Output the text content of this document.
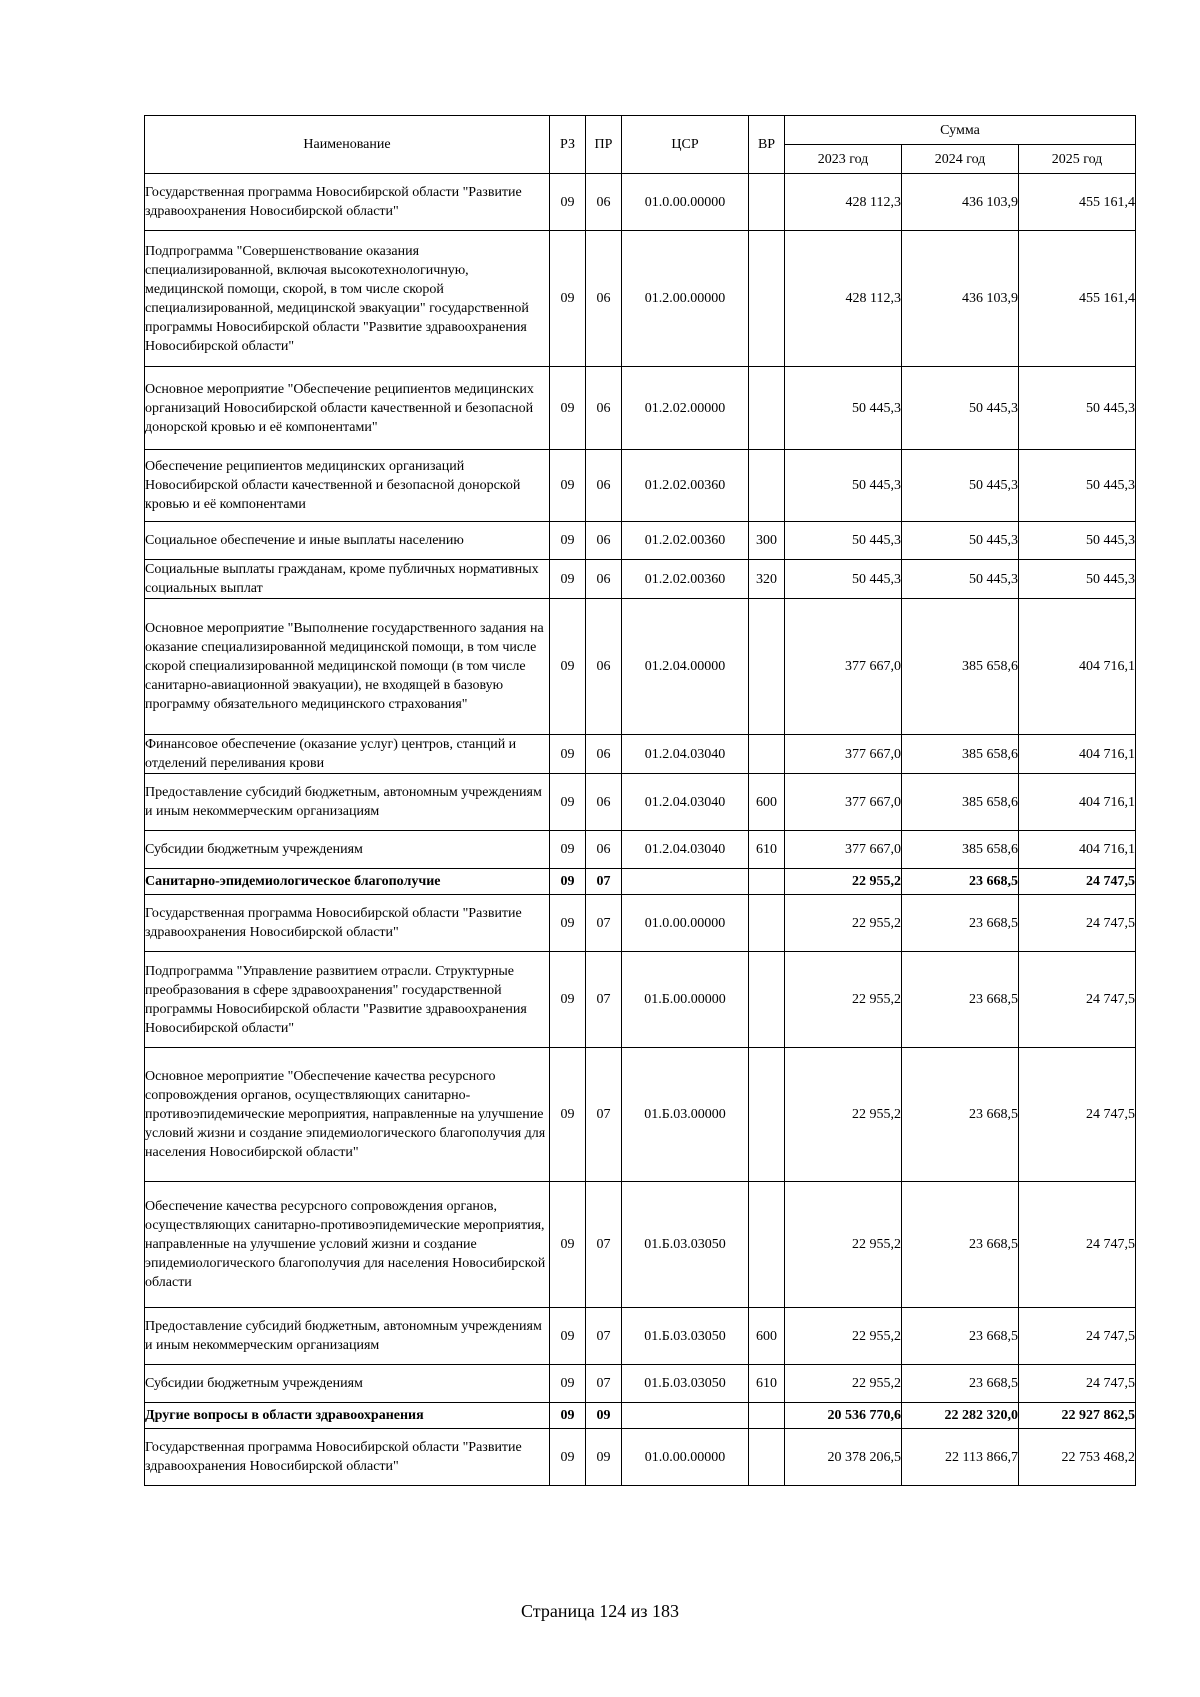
Наименование	РЗ	ПР	ЦСР	ВР	Сумма		
					2023 год	2024 год	2025 год
Государственная программа Новосибирской области "Развитие здравоохранения Новосибирской области"	09	06	01.0.00.00000		428 112,3	436 103,9	455 161,4
Подпрограмма "Совершенствование оказания специализированной, включая высокотехнологичную, медицинской помощи, скорой, в том числе скорой специализированной, медицинской эвакуации" государственной программы Новосибирской области "Развитие здравоохранения Новосибирской области"	09	06	01.2.00.00000		428 112,3	436 103,9	455 161,4
Основное мероприятие "Обеспечение реципиентов медицинских организаций Новосибирской области качественной и безопасной донорской кровью и её компонентами"	09	06	01.2.02.00000		50 445,3	50 445,3	50 445,3
Обеспечение реципиентов медицинских организаций Новосибирской области качественной и безопасной донорской кровью и её компонентами	09	06	01.2.02.00360		50 445,3	50 445,3	50 445,3
Социальное обеспечение и иные выплаты населению	09	06	01.2.02.00360	300	50 445,3	50 445,3	50 445,3
Социальные выплаты гражданам, кроме публичных нормативных социальных выплат	09	06	01.2.02.00360	320	50 445,3	50 445,3	50 445,3
Основное мероприятие "Выполнение государственного задания на оказание специализированной медицинской помощи, в том числе скорой специализированной медицинской помощи (в том числе санитарно-авиационной эвакуации), не входящей в базовую программу обязательного медицинского страхования"	09	06	01.2.04.00000		377 667,0	385 658,6	404 716,1
Финансовое обеспечение (оказание услуг) центров, станций и отделений переливания крови	09	06	01.2.04.03040		377 667,0	385 658,6	404 716,1
Предоставление субсидий бюджетным, автономным учреждениям и иным некоммерческим организациям	09	06	01.2.04.03040	600	377 667,0	385 658,6	404 716,1
Субсидии бюджетным учреждениям	09	06	01.2.04.03040	610	377 667,0	385 658,6	404 716,1
Санитарно-эпидемиологическое благополучие	09	07			22 955,2	23 668,5	24 747,5
Государственная программа Новосибирской области "Развитие здравоохранения Новосибирской области"	09	07	01.0.00.00000		22 955,2	23 668,5	24 747,5
Подпрограмма "Управление развитием отрасли. Структурные преобразования в сфере здравоохранения" государственной программы Новосибирской области "Развитие здравоохранения Новосибирской области"	09	07	01.Б.00.00000		22 955,2	23 668,5	24 747,5
Основное мероприятие "Обеспечение качества ресурсного сопровождения органов, осуществляющих санитарно-противоэпидемические мероприятия, направленные на улучшение условий жизни и создание эпидемиологического благополучия для населения Новосибирской области"	09	07	01.Б.03.00000		22 955,2	23 668,5	24 747,5
Обеспечение качества ресурсного сопровождения органов, осуществляющих санитарно-противоэпидемические мероприятия, направленные на улучшение условий жизни и создание эпидемиологического благополучия для населения Новосибирской области	09	07	01.Б.03.03050		22 955,2	23 668,5	24 747,5
Предоставление субсидий бюджетным, автономным учреждениям и иным некоммерческим организациям	09	07	01.Б.03.03050	600	22 955,2	23 668,5	24 747,5
Субсидии бюджетным учреждениям	09	07	01.Б.03.03050	610	22 955,2	23 668,5	24 747,5
Другие вопросы в области здравоохранения	09	09			20 536 770,6	22 282 320,0	22 927 862,5
Государственная программа Новосибирской области "Развитие здравоохранения Новосибирской области"	09	09	01.0.00.00000		20 378 206,5	22 113 866,7	22 753 468,2
Страница 124 из 183
